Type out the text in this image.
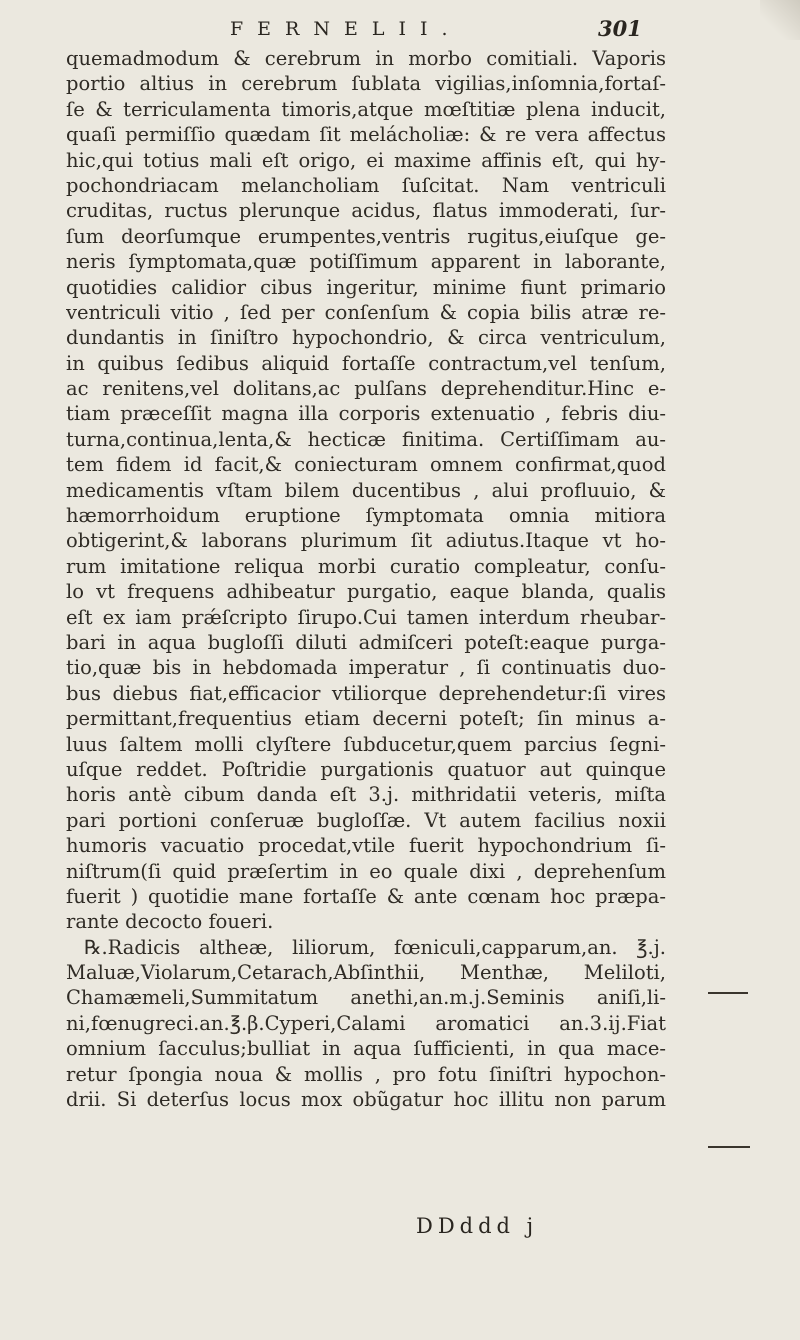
FERNELII.	301
quemadmodum & cerebrum in morbo comitiali. Vaporis
portio altius in cerebrum ſublata vigilias,inſomnia,fortaſ-
ſe & terriculamenta timoris,atque mœſtitiæ plena inducit,
quaſi permiſſio quædam ſit melácholiæ: & re vera affectus
hic,qui totius mali eſt origo, ei maxime affinis eſt, qui hy-
pochondriacam melancholiam ſuſcitat. Nam ventriculi
cruditas, ructus plerunque acidus, flatus immoderati, ſur-
ſum deorſumque erumpentes,ventris rugitus,eiuſque ge-
neris ſymptomata,quæ potiſſimum apparent in laborante,
quotidies calidior cibus ingeritur, minime fiunt primario
ventriculi vitio , ſed per conſenſum & copia bilis atræ re-
dundantis in ſiniſtro hypochondrio, & circa ventriculum,
in quibus ſedibus aliquid fortaſſe contractum,vel tenſum,
ac renitens,vel dolitans,ac pulſans deprehenditur.Hinc e-
tiam præceſſit magna illa corporis extenuatio , febris diu-
turna,continua,lenta,& hecticæ finitima. Certiſſimam au-
tem fidem id facit,& coniecturam omnem confirmat,quod
medicamentis vſtam bilem ducentibus , alui profluuio, &
hæmorrhoidum eruptione ſymptomata omnia mitiora
obtigerint,& laborans plurimum ſit adiutus.Itaque vt ho-
rum imitatione reliqua morbi curatio compleatur, conſu-
lo vt frequens adhibeatur purgatio, eaque blanda, qualis
eſt ex iam prǽſcripto ſirupo.Cui tamen interdum rheubar-
bari in aqua bugloſſi diluti admiſceri poteſt:eaque purga-
tio,quæ bis in hebdomada imperatur , ſi continuatis duo-
bus diebus fiat,efficacior vtiliorque deprehendetur:ſi vires
permittant,frequentius etiam decerni poteſt; ſin minus a-
luus ſaltem molli clyſtere ſubducetur,quem parcius ſegni-
uſque reddet. Poſtridie purgationis quatuor aut quinque
horis antè cibum danda eſt 3.j. mithridatii veteris, miſta
pari portioni conſeruæ bugloſſæ. Vt autem facilius noxii
humoris vacuatio procedat,vtile fuerit hypochondrium ſi-
niſtrum(ſi quid præſertim in eo quale dixi , deprehenſum
fuerit ) quotidie mane fortaſſe & ante cœnam hoc præpa-
rante decocto foueri.
℞.Radicis altheæ, liliorum, fœniculi,capparum,an. ℥.j.
Maluæ,Violarum,Cetarach,Abſinthii, Menthæ, Meliloti,
Chamæmeli,Summitatum anethi,an.m.j.Seminis aniſi,li-
ni,fœnugreci.an.℥.β.Cyperi,Calami aromatici an.3.ij.Fiat
omnium ſacculus;bulliat in aqua ſufficienti, in qua mace-
retur ſpongia noua & mollis , pro fotu ſiniſtri hypochon-
drii. Si deterſus locus mox obũgatur hoc illitu non parum
DDddd j
